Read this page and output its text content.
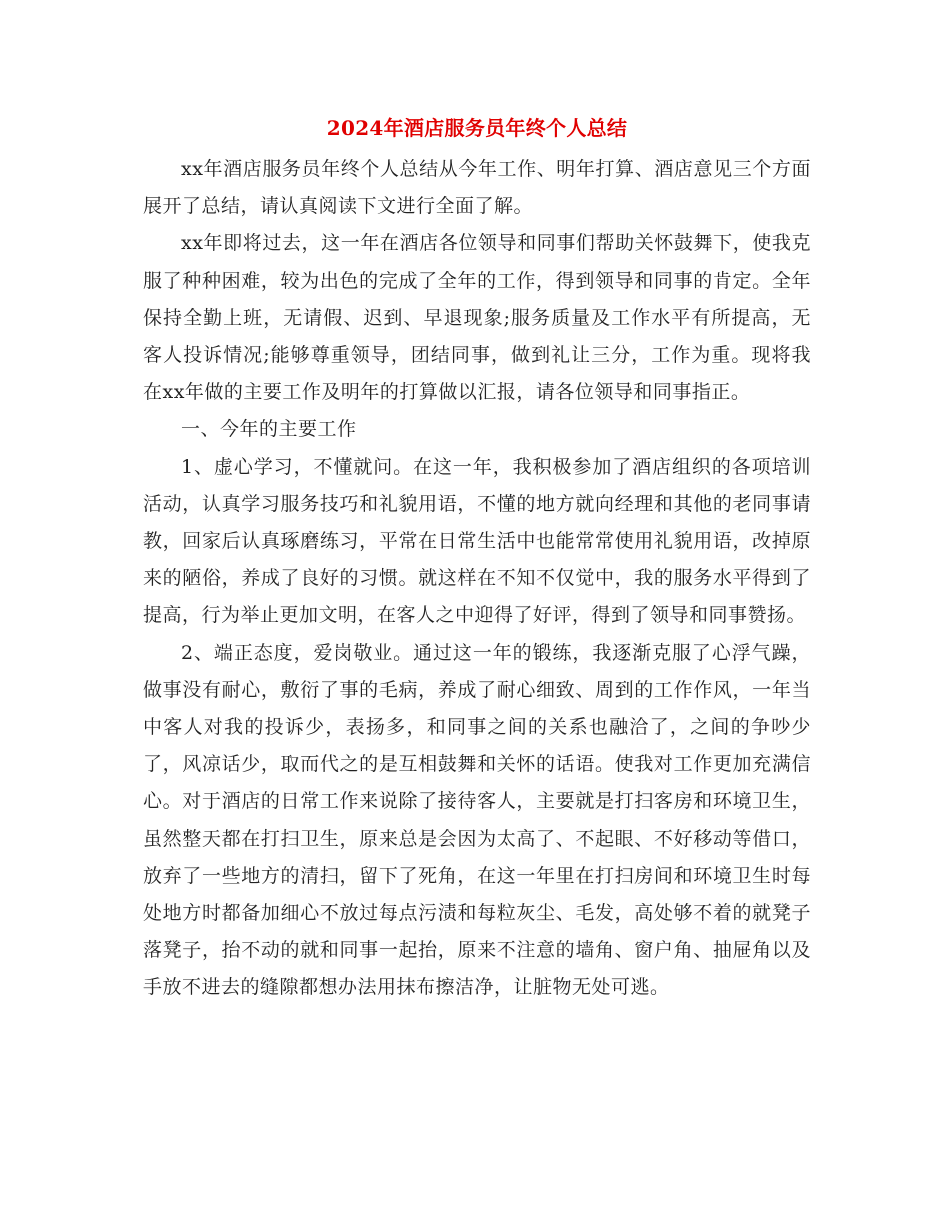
2024年酒店服务员年终个人总结

xx年酒店服务员年终个人总结从今年工作、明年打算、酒店意见三个方面展开了总结，请认真阅读下文进行全面了解。

xx年即将过去，这一年在酒店各位领导和同事们帮助关怀鼓舞下，使我克服了种种困难，较为出色的完成了全年的工作，得到领导和同事的肯定。全年保持全勤上班，无请假、迟到、早退现象;服务质量及工作水平有所提高，无客人投诉情况;能够尊重领导，团结同事，做到礼让三分，工作为重。现将我在xx年做的主要工作及明年的打算做以汇报，请各位领导和同事指正。

一、今年的主要工作

1、虚心学习，不懂就问。在这一年，我积极参加了酒店组织的各项培训活动，认真学习服务技巧和礼貌用语，不懂的地方就向经理和其他的老同事请教，回家后认真琢磨练习，平常在日常生活中也能常常使用礼貌用语，改掉原来的陋俗，养成了良好的习惯。就这样在不知不仅觉中，我的服务水平得到了提高，行为举止更加文明，在客人之中迎得了好评，得到了领导和同事赞扬。

2、端正态度，爱岗敬业。通过这一年的锻练，我逐渐克服了心浮气躁，做事没有耐心，敷衍了事的毛病，养成了耐心细致、周到的工作作风，一年当中客人对我的投诉少，表扬多，和同事之间的关系也融洽了，之间的争吵少了，风凉话少，取而代之的是互相鼓舞和关怀的话语。使我对工作更加充满信心。对于酒店的日常工作来说除了接待客人，主要就是打扫客房和环境卫生，虽然整天都在打扫卫生，原来总是会因为太高了、不起眼、不好移动等借口，放弃了一些地方的清扫，留下了死角，在这一年里在打扫房间和环境卫生时每处地方时都备加细心不放过每点污渍和每粒灰尘、毛发，高处够不着的就凳子落凳子，抬不动的就和同事一起抬，原来不注意的墙角、窗户角、抽屉角以及手放不进去的缝隙都想办法用抹布擦洁净，让脏物无处可逃。
